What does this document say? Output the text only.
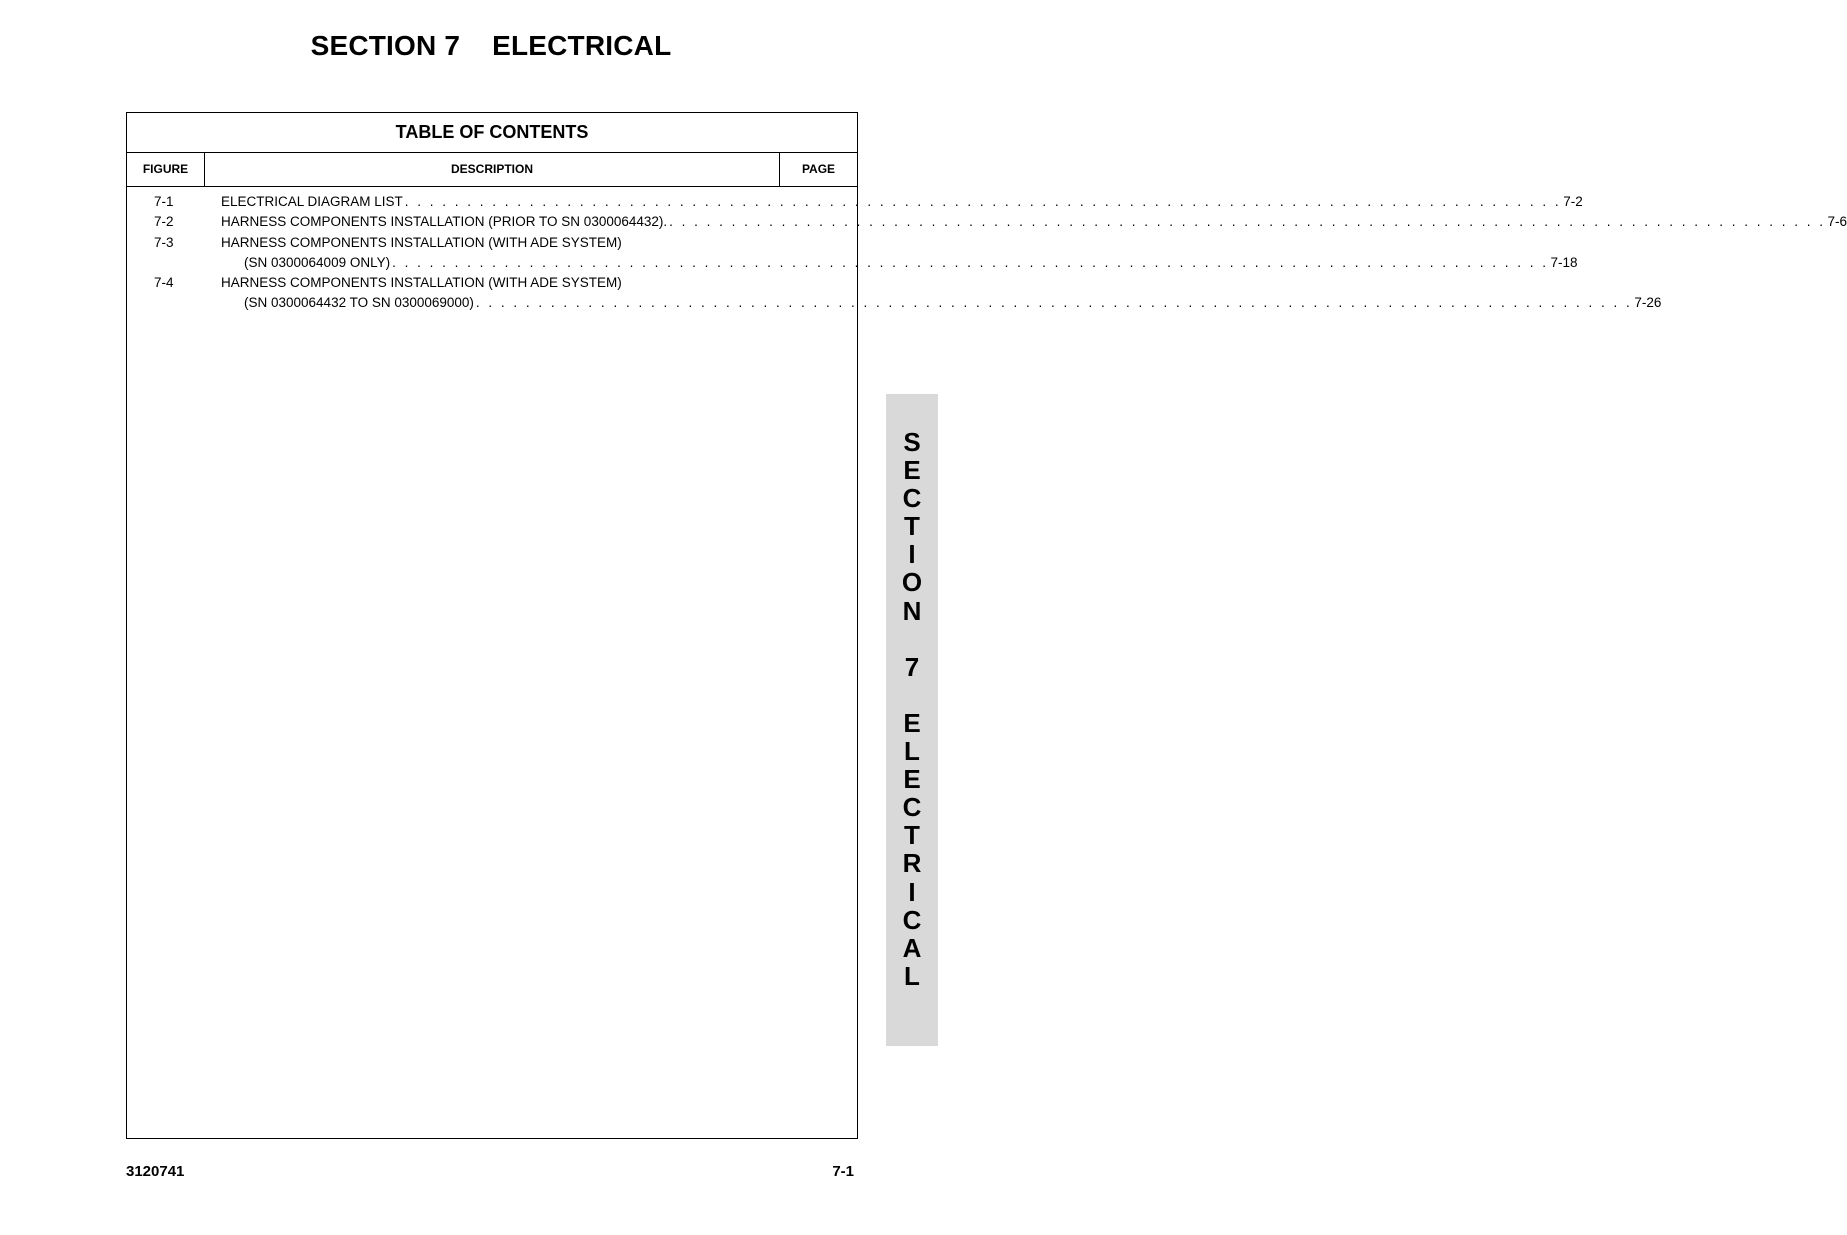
SECTION 7    ELECTRICAL
TABLE OF CONTENTS
FIGURE	DESCRIPTION	PAGE
7-1	ELECTRICAL DIAGRAM LIST . . . . . . . . . . . . . . . . . . . . . . . . . . . . . . . . . . . . . . . . . . . . . . . . . . . . . . . . . . . . . . . . . . . . . . . . . . . . . . . . . . . . . . . . . . . . . 7-2
7-2	HARNESS COMPONENTS INSTALLATION (PRIOR TO SN 0300064432). . . . . . . . . . . . . . . . . . . . . . . . . . . . . . . . . . . . . . . . . . . . . . . . . . . . . . . . . . . . . . . . . . . . . . . . . . . . . . . . . . . . . . . . . . . . . . 7-6
7-3	HARNESS COMPONENTS INSTALLATION (WITH ADE SYSTEM)
(SN 0300064009 ONLY) . . . . . . . . . . . . . . . . . . . . . . . . . . . . . . . . . . . . . . . . . . . . . . . . . . . . . . . . . . . . . . . . . . . . . . . . . . . . . . . . . . . . . . . . . . . . . 7-18
7-4	HARNESS COMPONENTS INSTALLATION (WITH ADE SYSTEM)
(SN 0300064432 TO SN 0300069000) . . . . . . . . . . . . . . . . . . . . . . . . . . . . . . . . . . . . . . . . . . . . . . . . . . . . . . . . . . . . . . . . . . . . . . . . . . . . . . . . . . . . . . . . . . . . . 7-26
S
E
C
T
I
O
N

7

E
L
E
C
T
R
I
C
A
L
3120741	7-1
